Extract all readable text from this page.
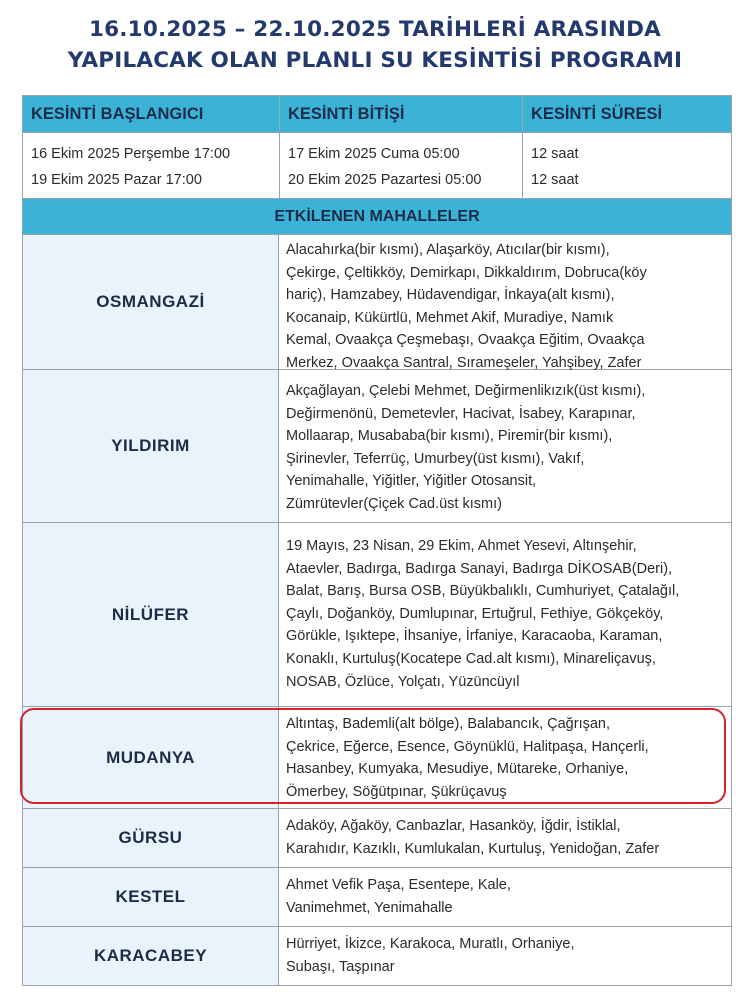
16.10.2025 – 22.10.2025 TARİHLERİ ARASINDA
YAPILACAK OLAN PLANLI SU KESİNTİSİ PROGRAMI
KESİNTİ BAŞLANGICI	KESİNTİ BİTİŞİ	KESİNTİ SÜRESİ
16 Ekim 2025 Perşembe 17:00
19 Ekim 2025 Pazar 17:00
17 Ekim 2025 Cuma 05:00
20 Ekim 2025 Pazartesi 05:00
12 saat
12 saat
ETKİLENEN MAHALLELER
OSMANGAZİ
Alacahırka(bir kısmı), Alaşarköy, Atıcılar(bir kısmı),
Çekirge, Çeltikköy, Demirkapı, Dikkaldırım, Dobruca(köy
hariç), Hamzabey, Hüdavendigar, İnkaya(alt kısmı),
Kocanaip, Kükürtlü, Mehmet Akif, Muradiye, Namık
Kemal, Ovaakça Çeşmebaşı, Ovaakça Eğitim, Ovaakça
Merkez, Ovaakça Santral, Sırameşeler, Yahşibey, Zafer
YILDIRIM
Akçağlayan, Çelebi Mehmet, Değirmenlikızık(üst kısmı),
Değirmenönü, Demetevler, Hacivat, İsabey, Karapınar,
Mollaarap, Musababa(bir kısmı), Piremir(bir kısmı),
Şirinevler, Teferrüç, Umurbey(üst kısmı), Vakıf,
Yenimahalle, Yiğitler, Yiğitler Otosansit,
Zümrütevler(Çiçek Cad.üst kısmı)
NİLÜFER
19 Mayıs, 23 Nisan, 29 Ekim, Ahmet Yesevi, Altınşehir,
Ataevler, Badırga, Badırga Sanayi, Badırga DİKOSAB(Deri),
Balat, Barış, Bursa OSB, Büyükbalıklı, Cumhuriyet, Çatalağıl,
Çaylı, Doğanköy, Dumlupınar, Ertuğrul, Fethiye, Gökçeköy,
Görükle, Işıktepe, İhsaniye, İrfaniye, Karacaoba, Karaman,
Konaklı, Kurtuluş(Kocatepe Cad.alt kısmı), Minareliçavuş,
NOSAB, Özlüce, Yolçatı, Yüzüncüyıl
MUDANYA
Altıntaş, Bademli(alt bölge), Balabancık, Çağrışan,
Çekrice, Eğerce, Esence, Göynüklü, Halitpaşa, Hançerli,
Hasanbey, Kumyaka, Mesudiye, Mütareke, Orhaniye,
Ömerbey, Söğütpınar, Şükrüçavuş
GÜRSU
Adaköy, Ağaköy, Canbazlar, Hasanköy, İğdir, İstiklal,
Karahıdır, Kazıklı, Kumlukalan, Kurtuluş, Yenidoğan, Zafer
KESTEL
Ahmet Vefik Paşa, Esentepe, Kale,
Vanimehmet, Yenimahalle
KARACABEY
Hürriyet, İkizce, Karakoca, Muratlı, Orhaniye,
Subaşı, Taşpınar
